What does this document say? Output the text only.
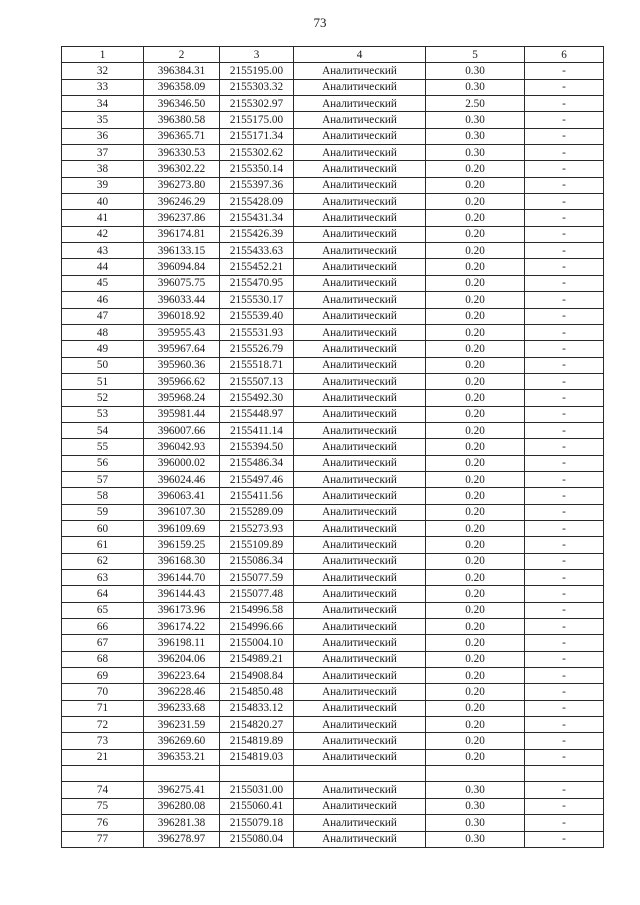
73
1	2	3	4	5	6
32	396384.31	2155195.00	Аналитический	0.30	-
33	396358.09	2155303.32	Аналитический	0.30	-
34	396346.50	2155302.97	Аналитический	2.50	-
35	396380.58	2155175.00	Аналитический	0.30	-
36	396365.71	2155171.34	Аналитический	0.30	-
37	396330.53	2155302.62	Аналитический	0.30	-
38	396302.22	2155350.14	Аналитический	0.20	-
39	396273.80	2155397.36	Аналитический	0.20	-
40	396246.29	2155428.09	Аналитический	0.20	-
41	396237.86	2155431.34	Аналитический	0.20	-
42	396174.81	2155426.39	Аналитический	0.20	-
43	396133.15	2155433.63	Аналитический	0.20	-
44	396094.84	2155452.21	Аналитический	0.20	-
45	396075.75	2155470.95	Аналитический	0.20	-
46	396033.44	2155530.17	Аналитический	0.20	-
47	396018.92	2155539.40	Аналитический	0.20	-
48	395955.43	2155531.93	Аналитический	0.20	-
49	395967.64	2155526.79	Аналитический	0.20	-
50	395960.36	2155518.71	Аналитический	0.20	-
51	395966.62	2155507.13	Аналитический	0.20	-
52	395968.24	2155492.30	Аналитический	0.20	-
53	395981.44	2155448.97	Аналитический	0.20	-
54	396007.66	2155411.14	Аналитический	0.20	-
55	396042.93	2155394.50	Аналитический	0.20	-
56	396000.02	2155486.34	Аналитический	0.20	-
57	396024.46	2155497.46	Аналитический	0.20	-
58	396063.41	2155411.56	Аналитический	0.20	-
59	396107.30	2155289.09	Аналитический	0.20	-
60	396109.69	2155273.93	Аналитический	0.20	-
61	396159.25	2155109.89	Аналитический	0.20	-
62	396168.30	2155086.34	Аналитический	0.20	-
63	396144.70	2155077.59	Аналитический	0.20	-
64	396144.43	2155077.48	Аналитический	0.20	-
65	396173.96	2154996.58	Аналитический	0.20	-
66	396174.22	2154996.66	Аналитический	0.20	-
67	396198.11	2155004.10	Аналитический	0.20	-
68	396204.06	2154989.21	Аналитический	0.20	-
69	396223.64	2154908.84	Аналитический	0.20	-
70	396228.46	2154850.48	Аналитический	0.20	-
71	396233.68	2154833.12	Аналитический	0.20	-
72	396231.59	2154820.27	Аналитический	0.20	-
73	396269.60	2154819.89	Аналитический	0.20	-
21	396353.21	2154819.03	Аналитический	0.20	-

74	396275.41	2155031.00	Аналитический	0.30	-
75	396280.08	2155060.41	Аналитический	0.30	-
76	396281.38	2155079.18	Аналитический	0.30	-
77	396278.97	2155080.04	Аналитический	0.30	-
